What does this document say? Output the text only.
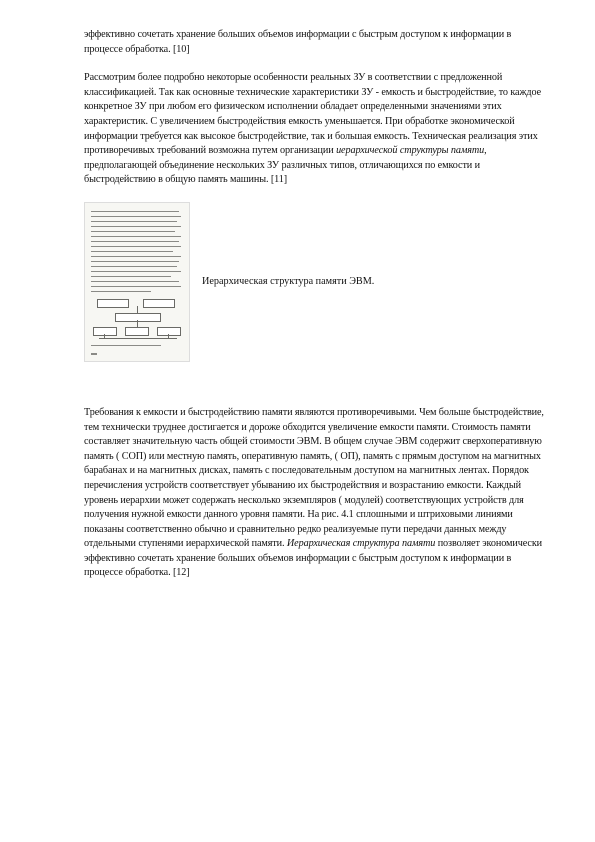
эффективно сочетать хранение больших объемов информации с быстрым доступом к информации в процессе обработка. [10]

Рассмотрим более подробно некоторые особенности реальных ЗУ в соответствии с предложенной классификацией. Так как основные технические характеристики ЗУ - емкость и быстродействие, то каждое конкретное ЗУ при любом его физическом исполнении обладает определенными значениями этих характеристик. С увеличением быстродействия емкость уменьшается. При обработке экономической информации требуется как высокое быстродействие, так и большая емкость. Техническая реализация этих противоречивых требований возможна путем организации иерархической структуры памяти, предполагающей объединение нескольких ЗУ различных типов, отличающихся по емкости и быстродействию в общую память машины. [11]

Иерархическая структура памяти ЭВМ.

Требования к емкости и быстродействию памяти являются противоречивыми. Чем больше быстродействие, тем технически труднее достигается и дороже обходится увеличение емкости памяти. Стоимость памяти составляет значительную часть общей стоимости ЭВМ. В общем случае ЭВМ содержит сверхоперативную память ( СОП) или местную память, оперативную память, ( ОП), память с прямым доступом на магнитных барабанах и на магнитных дисках, память с последовательным доступом на магнитных лентах. Порядок перечисления устройств соответствует убыванию их быстродействия и возрастанию емкости. Каждый уровень иерархии может содержать несколько экземпляров ( модулей) соответствующих устройств для получения нужной емкости данного уровня памяти. На рис. 4.1 сплошными и штриховыми линиями показаны соответственно обычно и сравнительно редко реализуемые пути передачи данных между отдельными ступенями иерархической памяти. Иерархическая структура памяти позволяет экономически эффективно сочетать хранение больших объемов информации с быстрым доступом к информации в процессе обработка. [12]
